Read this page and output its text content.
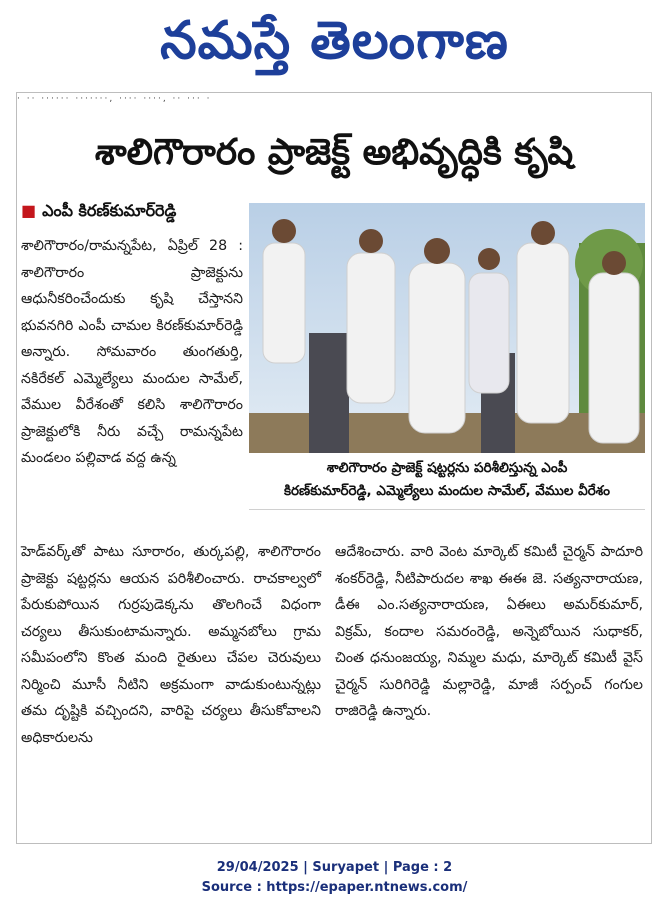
నమస్తే తెలంగాణ
· ·· ······ ·······, ···· ····, ·· ··· ·
శాలిగౌరారం ప్రాజెక్ట్ అభివృద్ధికి కృషి
■ ఎంపీ కిరణ్‌కుమార్‌రెడ్డి
శాలిగౌరారం/రామన్నపేట, ఏప్రిల్ 28 : శాలిగౌరారం ప్రాజెక్టును ఆధునీకరించేందుకు కృషి చేస్తానని భువనగిరి ఎంపీ చామల కిరణ్‌కుమార్‌రెడ్డి అన్నారు. సోమవారం తుంగతుర్తి, నకిరేకల్ ఎమ్మెల్యేలు మందుల సామేల్, వేముల వీరేశంతో కలిసి శాలిగౌరారం ప్రాజెక్టులోకి నీరు వచ్చే రామన్నపేట మండలం పల్లివాడ వద్ద ఉన్న
శాలిగౌరారం ప్రాజెక్ట్ షట్టర్లను పరిశీలిస్తున్న ఎంపీ
కిరణ్‌కుమార్‌రెడ్డి, ఎమ్మెల్యేలు మందుల సామేల్, వేముల వీరేశం
హెడ్‌వర్క్‌తో పాటు సూరారం, తుర్కపల్లి, శాలిగౌరారం ప్రాజెక్టు షట్టర్లను ఆయన పరిశీలించారు. రాచకాల్వలో పేరుకుపోయిన గుర్రపుడెక్కను తొలగించే విధంగా చర్యలు తీసుకుంటామన్నారు. అమ్మనబోలు గ్రామ సమీపంలోని కొంత మంది రైతులు చేపల చెరువులు నిర్మించి మూసీ నీటిని అక్రమంగా వాడుకుంటున్నట్లు తమ దృష్టికి వచ్చిందని, వారిపై చర్యలు తీసుకోవాలని అధికారులను
ఆదేశించారు. వారి వెంట మార్కెట్ కమిటీ చైర్మన్ పాదూరి శంకర్‌రెడ్డి, నీటిపారుదల శాఖ ఈఈ జె. సత్యనారాయణ, డీఈ ఎం.సత్యనారాయణ, ఏఈలు అమర్‌కుమార్, విక్రమ్, కందాల సమరంరెడ్డి, అన్నెబోయిన సుధాకర్, చింత ధనుంజయ్య, నిమ్మల మధు, మార్కెట్ కమిటీ వైస్ చైర్మన్ సురిగిరెడ్డి మల్లారెడ్డి, మాజీ సర్పంచ్ గంగుల రాజిరెడ్డి ఉన్నారు.
29/04/2025 | Suryapet | Page : 2
Source : https://epaper.ntnews.com/
